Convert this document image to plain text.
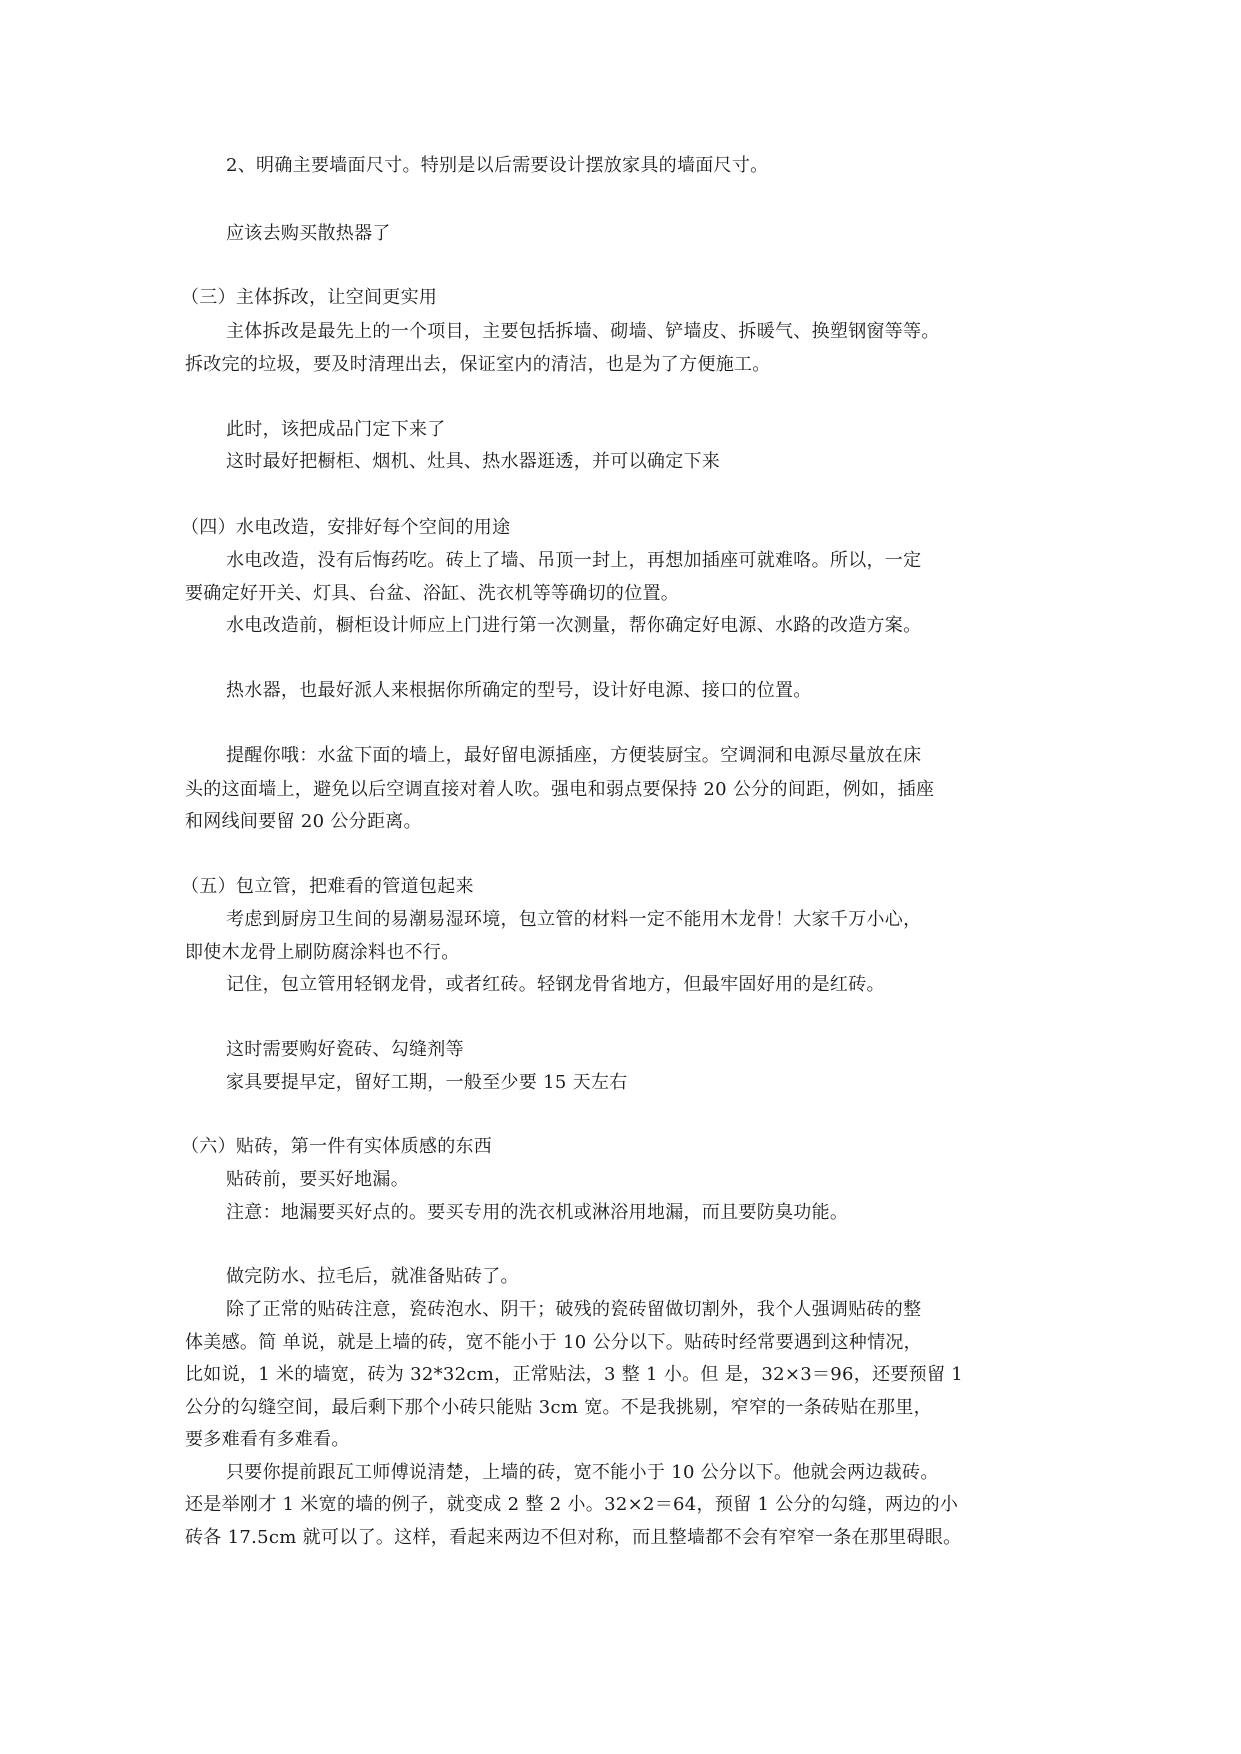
2、明确主要墙面尺寸。特别是以后需要设计摆放家具的墙面尺寸。
应该去购买散热器了
（三）主体拆改，让空间更实用
主体拆改是最先上的一个项目，主要包括拆墙、砌墙、铲墙皮、拆暖气、换塑钢窗等等。
拆改完的垃圾，要及时清理出去，保证室内的清洁，也是为了方便施工。
此时，该把成品门定下来了
这时最好把橱柜、烟机、灶具、热水器逛透，并可以确定下来
（四）水电改造，安排好每个空间的用途
水电改造，没有后悔药吃。砖上了墙、吊顶一封上，再想加插座可就难咯。所以，一定
要确定好开关、灯具、台盆、浴缸、洗衣机等等确切的位置。
水电改造前，橱柜设计师应上门进行第一次测量，帮你确定好电源、水路的改造方案。
热水器，也最好派人来根据你所确定的型号，设计好电源、接口的位置。
提醒你哦：水盆下面的墙上，最好留电源插座，方便装厨宝。空调洞和电源尽量放在床
头的这面墙上，避免以后空调直接对着人吹。强电和弱点要保持 20 公分的间距，例如，插座
和网线间要留 20 公分距离。
（五）包立管，把难看的管道包起来
考虑到厨房卫生间的易潮易湿环境，包立管的材料一定不能用木龙骨！大家千万小心，
即使木龙骨上刷防腐涂料也不行。
记住，包立管用轻钢龙骨，或者红砖。轻钢龙骨省地方，但最牢固好用的是红砖。
这时需要购好瓷砖、勾缝剂等
家具要提早定，留好工期，一般至少要 15 天左右
（六）贴砖，第一件有实体质感的东西
贴砖前，要买好地漏。
注意：地漏要买好点的。要买专用的洗衣机或淋浴用地漏，而且要防臭功能。
做完防水、拉毛后，就准备贴砖了。
除了正常的贴砖注意，瓷砖泡水、阴干；破残的瓷砖留做切割外，我个人强调贴砖的整
体美感。简 单说，就是上墙的砖，宽不能小于 10 公分以下。贴砖时经常要遇到这种情况，
比如说，1 米的墙宽，砖为 32*32cm，正常贴法，3 整 1 小。但 是，32×3＝96，还要预留 1
公分的勾缝空间，最后剩下那个小砖只能贴 3cm 宽。不是我挑剔，窄窄的一条砖贴在那里，
要多难看有多难看。
只要你提前跟瓦工师傅说清楚，上墙的砖，宽不能小于 10 公分以下。他就会两边裁砖。
还是举刚才 1 米宽的墙的例子，就变成 2 整 2 小。32×2＝64，预留 1 公分的勾缝，两边的小
砖各 17.5cm 就可以了。这样，看起来两边不但对称，而且整墙都不会有窄窄一条在那里碍眼。
